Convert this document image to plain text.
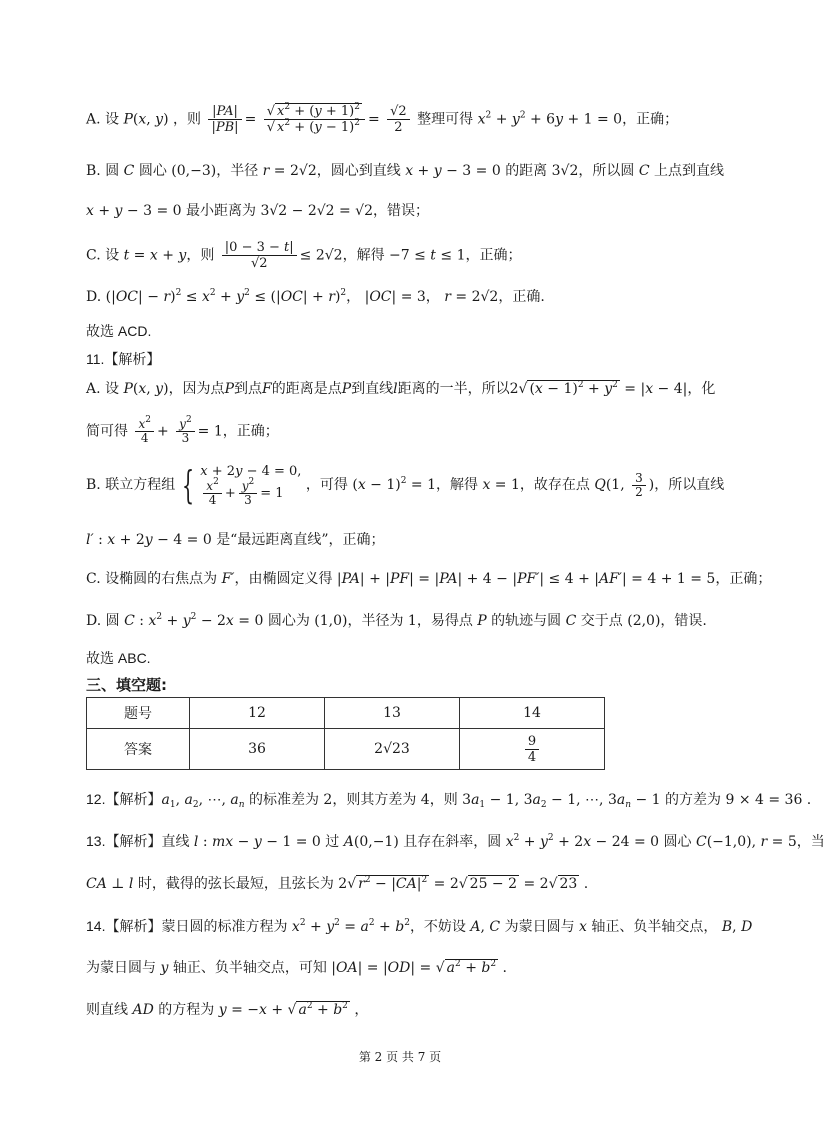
A. 设 P(x, y) ，则 $\frac{|PA|}{|PB|} = \frac{√ x^2 + (y + 1)^2}{√ x^2 + (y - 1)^2} = \frac{√2}{2}$ 整理可得 $x^2 + y^2 + 6y + 1 = 0$，正确；
B. 圆 C 圆心 (0,−3)，半径 r = 2√2，圆心到直线 x + y − 3 = 0 的距离 3√2，所以圆 C 上点到直线
x + y − 3 = 0 最小距离为 3√2 − 2√2 = √2，错误；
C. 设 t = x + y，则 $\frac{|0 - 3 - t|}{√2} \le 2√2$，解得 −7 ≤ t ≤ 1，正确；
D. $(|OC| - r)^2 \le x^2 + y^2 \le (|OC| + r)^2$， |OC| = 3， r = 2√2，正确.
故选 ACD.
11.【解析】
A. 设 P(x, y)，因为点P到点F的距离是点P到直线l距离的一半，所以2√ $(x - 1)^2 + y^2 = |x - 4|$，化
简可得 $\frac{x^2}{4} + \frac{y^2}{3} = 1$，正确；
B. 联立方程组 { x + 2y − 4 = 0,
$\frac{x^2}{4} + \frac{y^2}{3} = 1$
，可得 $(x - 1)^2 = 1$，解得 x = 1，故存在点 Q(1, $\frac{3}{2}$ )，所以直线
l′ : x + 2y − 4 = 0 是“最远距离直线”，正确；
C. 设椭圆的右焦点为 F′，由椭圆定义得 |PA| + |PF| = |PA| + 4 − |PF′| ≤ 4 + |AF′| = 4 + 1 = 5，正确；
D. 圆 C : $x^2 + y^2 - 2x = 0$ 圆心为 (1,0)，半径为 1，易得点 P 的轨迹与圆 C 交于点 (2,0)，错误.
故选 ABC.
三、填空题:
题号	12	13	14
答案	36	2√23	$\frac{9}{4}$
12.【解析】$a_1$, $a_2$, ⋯, $a_n$ 的标准差为 2，则其方差为 4，则 $3a_1 - 1$, $3a_2 - 1$, ⋯, $3a_n - 1$ 的方差为 9 × 4 = 36 .
13.【解析】直线 l : mx − y − 1 = 0 过 A(0,−1) 且存在斜率，圆 $x^2 + y^2 + 2x - 24 = 0$ 圆心 C(−1,0), r = 5，当
CA ⊥ l 时，截得的弦长最短，且弦长为 2√ $r^2 - |CA|^2 = 2√$ 25 − 2 = 2√ 23 .
14.【解析】蒙日圆的标准方程为 $x^2 + y^2 = a^2 + b^2$，不妨设 A, C 为蒙日圆与 x 轴正、负半轴交点， B, D
为蒙日圆与 y 轴正、负半轴交点，可知 |OA| = |OD| = √ $a^2 + b^2$ .
则直线 AD 的方程为 y = −x + √ $a^2 + b^2$ ，
第 2 页 共 7 页
